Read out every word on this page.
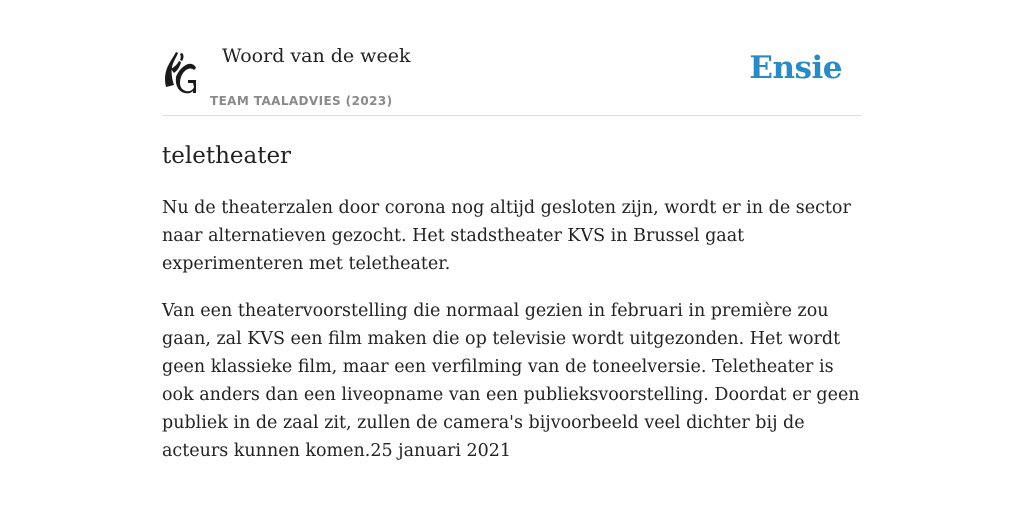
Woord van de week
TEAM TAALADVIES (2023)
Ensie
teletheater

Nu de theaterzalen door corona nog altijd gesloten zijn, wordt er in de sector naar alternatieven gezocht. Het stadstheater KVS in Brussel gaat experimenteren met teletheater.

Van een theatervoorstelling die normaal gezien in februari in première zou gaan, zal KVS een film maken die op televisie wordt uitgezonden. Het wordt geen klassieke film, maar een verfilming van de toneelversie. Teletheater is ook anders dan een liveopname van een publieksvoorstelling. Doordat er geen publiek in de zaal zit, zullen de camera's bijvoorbeeld veel dichter bij de acteurs kunnen komen.25 januari 2021
